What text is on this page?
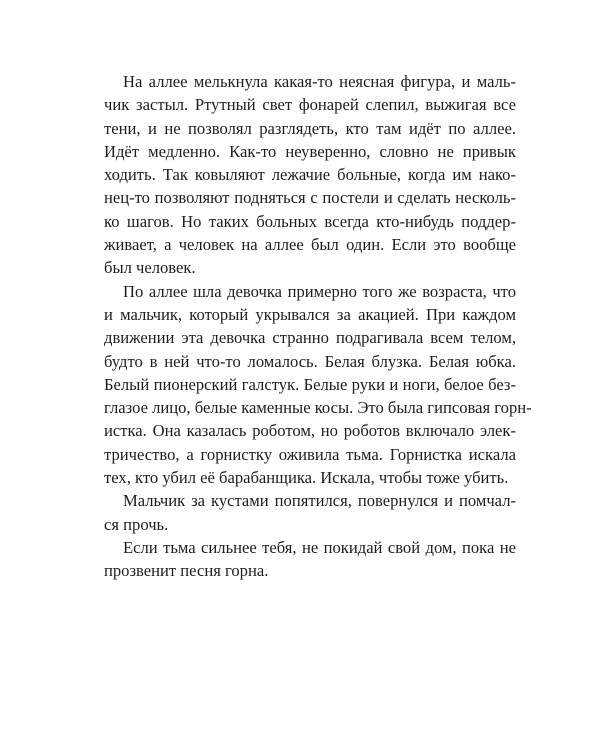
На аллее мелькнула какая-то неясная фигура, и маль-
чик застыл. Ртутный свет фонарей слепил, выжигая все
тени, и не позволял разглядеть, кто там идёт по аллее.
Идёт медленно. Как-то неуверенно, словно не привык
ходить. Так ковыляют лежачие больные, когда им нако-
нец-то позволяют подняться с постели и сделать несколь-
ко шагов. Но таких больных всегда кто-нибудь поддер-
живает, а человек на аллее был один. Если это вообще
был человек.

По аллее шла девочка примерно того же возраста, что
и мальчик, который укрывался за акацией. При каждом
движении эта девочка странно подрагивала всем телом,
будто в ней что-то ломалось. Белая блузка. Белая юбка.
Белый пионерский галстук. Белые руки и ноги, белое без-
глазое лицо, белые каменные косы. Это была гипсовая горн-
истка. Она казалась роботом, но роботов включало элек-
тричество, а горнистку оживила тьма. Горнистка искала
тех, кто убил её барабанщика. Искала, чтобы тоже убить.

Мальчик за кустами попятился, повернулся и помчал-
ся прочь.

Если тьма сильнее тебя, не покидай свой дом, пока не
прозвенит песня горна.
